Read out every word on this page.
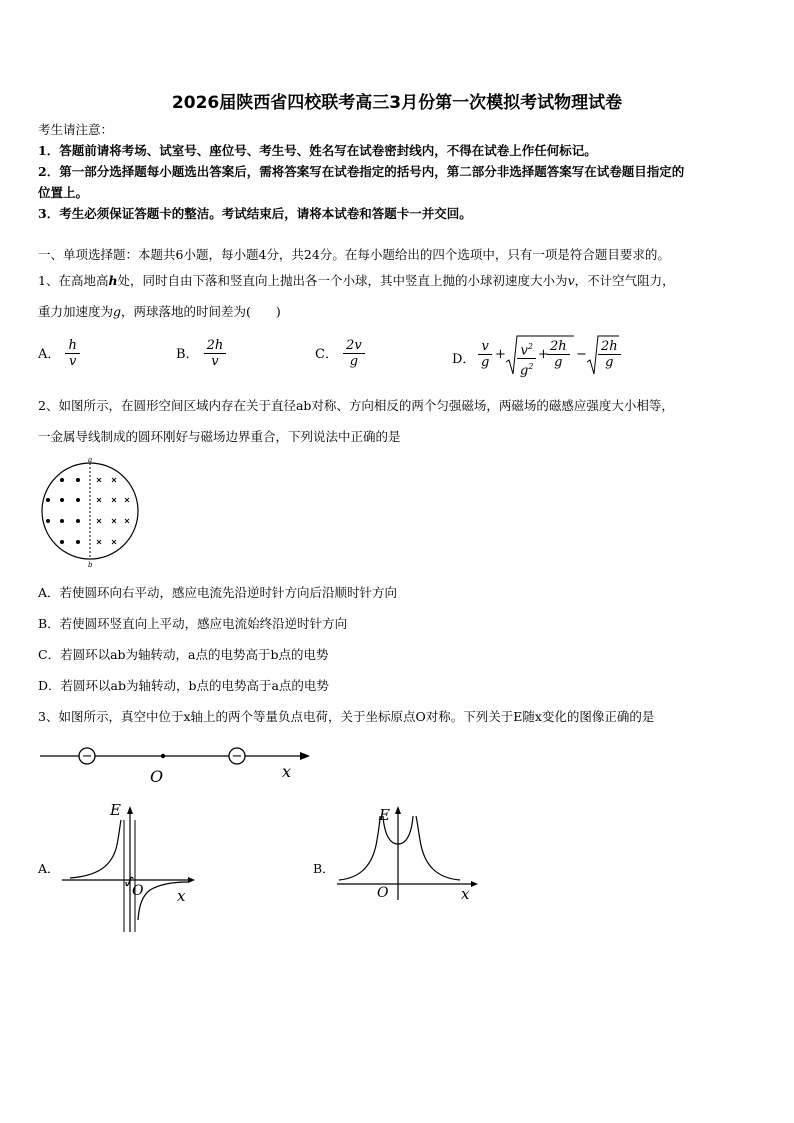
2026届陕西省四校联考高三3月份第一次模拟考试物理试卷
考生请注意：
1．答题前请将考场、试室号、座位号、考生号、姓名写在试卷密封线内，不得在试卷上作任何标记。
2．第一部分选择题每小题选出答案后，需将答案写在试卷指定的括号内，第二部分非选择题答案写在试卷题目指定的
位置上。
3．考生必须保证答题卡的整洁。考试结束后，请将本试卷和答题卡一并交回。
一、单项选择题：本题共6小题，每小题4分，共24分。在每小题给出的四个选项中，只有一项是符合题目要求的。
1、在高地高h处，同时自由下落和竖直向上抛出各一个小球，其中竖直上抛的小球初速度大小为v，不计空气阻力，
重力加速度为g，两球落地的时间差为(　　)
A． $\frac{h}{v}$	B． $\frac{2h}{v}$	C． $\frac{2v}{g}$	D． $\frac{v}{g} + \frac{v^2}{g^2}$ +
$\frac{2h}{g} - \frac{2h}{g}$
2、如图所示，在圆形空间区域内存在关于直径ab对称、方向相反的两个匀强磁场，两磁场的磁感应强度大小相等，
一金属导线制成的圆环刚好与磁场边界重合，下列说法中正确的是
a
b
A．若使圆环向右平动，感应电流先沿逆时针方向后沿顺时针方向
B．若使圆环竖直向上平动，感应电流始终沿逆时针方向
C．若圆环以ab为轴转动，a点的电势高于b点的电势
D．若圆环以ab为轴转动，b点的电势高于a点的电势
3、如图所示，真空中位于x轴上的两个等量负点电荷，关于坐标原点O对称。下列关于E随x变化的图像正确的是
−	−
O	x
A．
E
O x
B．
E
O	x
